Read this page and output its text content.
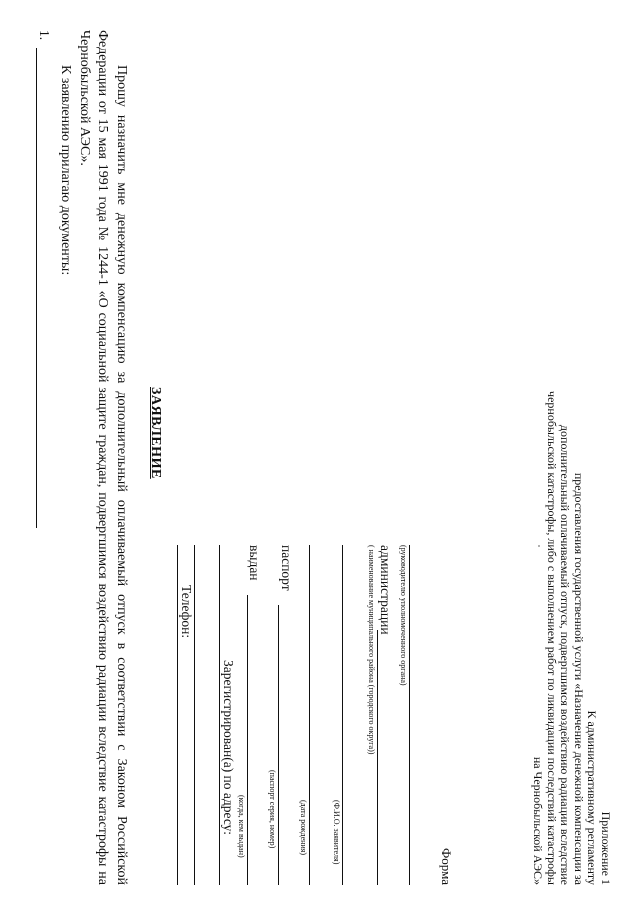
Приложение 1
К административному регламенту
предоставления государственной услуги «Назначение денежной компенсации за
дополнительный оплачиваемый отпуск, подвергшимся воздействию радиации вследствие
чернобыльской катастрофы, либо с выполнением работ по ликвидации последствий катастрофы
на Чернобыльской АЭС»
Форма
(руководителю уполномоченного органа)
администрации
( наименование муниципального района (городского округа))
(Ф.И.О. заявителя)
(дата рождения)
паспорт
(паспорт серия, номер)
выдан
(когда, кем выдан)
Зарегистрирован(а) по адресу:
Телефон:
ЗАЯВЛЕНИЕ

Прошу назначить мне денежную компенсацию за дополнительный оплачиваемый отпуск в соответствии с Законом Российской Федерации от 15 мая 1991 года № 1244-1 «О социальной защите граждан, подвергшимся воздействию радиации вследствие катастрофы на Чернобыльской АЭС».

К заявлению прилагаю документы:

1.
